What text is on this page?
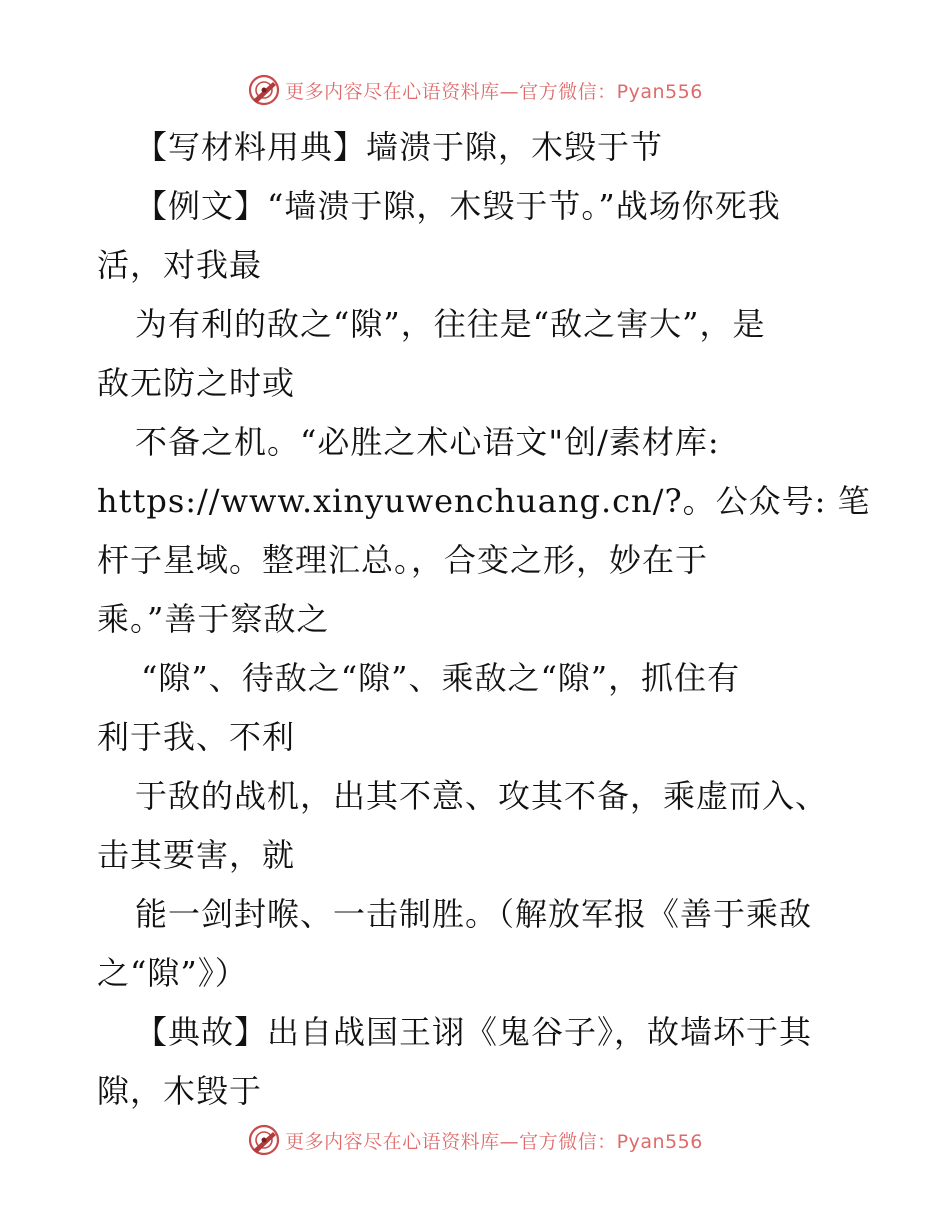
更多内容尽在心语资料库—官方微信：Pyan556
【写材料用典】墙溃于隙，木毁于节
【例文】“墙溃于隙，木毁于节。”战场你死我
活，对我最
为有利的敌之“隙”，往往是“敌之害大”，是
敌无防之时或
不备之机。“必胜之术心语文"创/素材库:
https://www.xinyuwenchuang.cn/?。公众号: 笔
杆子星域。整理汇总。，合变之形，妙在于
乘。”善于察敌之
“隙”、待敌之“隙”、乘敌之“隙”，抓住有
利于我、不利
于敌的战机，出其不意、攻其不备，乘虚而入、
击其要害，就
能一剑封喉、一击制胜。（解放军报《善于乘敌
之“隙”》）
【典故】出自战国王诩《鬼谷子》，故墙坏于其
隙，木毁于
更多内容尽在心语资料库—官方微信：Pyan556
